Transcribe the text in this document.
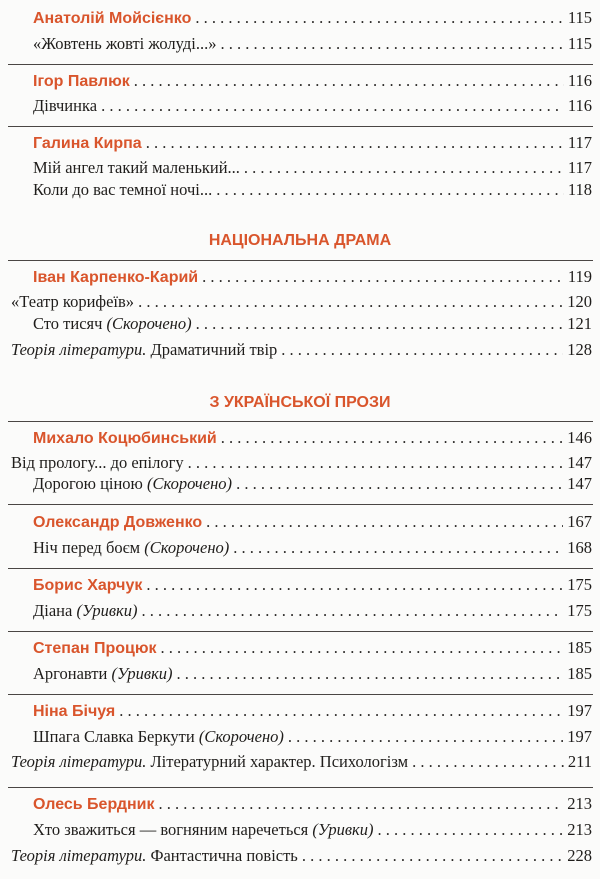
Анатолій Мойсієнко . . .	115
«Жовтень жовті жолуді...» . . .	115
Ігор Павлюк . . .	116
Дівчинка . . .	116
Галина Кирпа . . .	117
Мій ангел такий маленький... . . .	117
Коли до вас темної ночі... . . .	118
НАЦІОНАЛЬНА ДРАМА
Іван Карпенко-Карий . . .	119
«Театр корифеїв» . . .	120
Сто тисяч (Скорочено) . . .	121
Теорія літератури. Драматичний твір . . .	128
З УКРАЇНСЬКОЇ ПРОЗИ
Михало Коцюбинський . . .	146
Від прологу... до епілогу . . .	147
Дорогою ціною (Скорочено) . . .	147
Олександр Довженко . . .	167
Ніч перед боєм (Скорочено) . . .	168
Борис Харчук . . .	175
Діана (Уривки) . . .	175
Степан Процюк . . .	185
Аргонавти (Уривки) . . .	185
Ніна Бічуя . . .	197
Шпага Славка Беркути (Скорочено) . . .	197
Теорія літератури. Літературний характер. Психологізм . . .	211
Олесь Бердник . . .	213
Хто зважиться — вогняним наречеться (Уривки) . . .	213
Теорія літератури. Фантастична повість . . .	228
